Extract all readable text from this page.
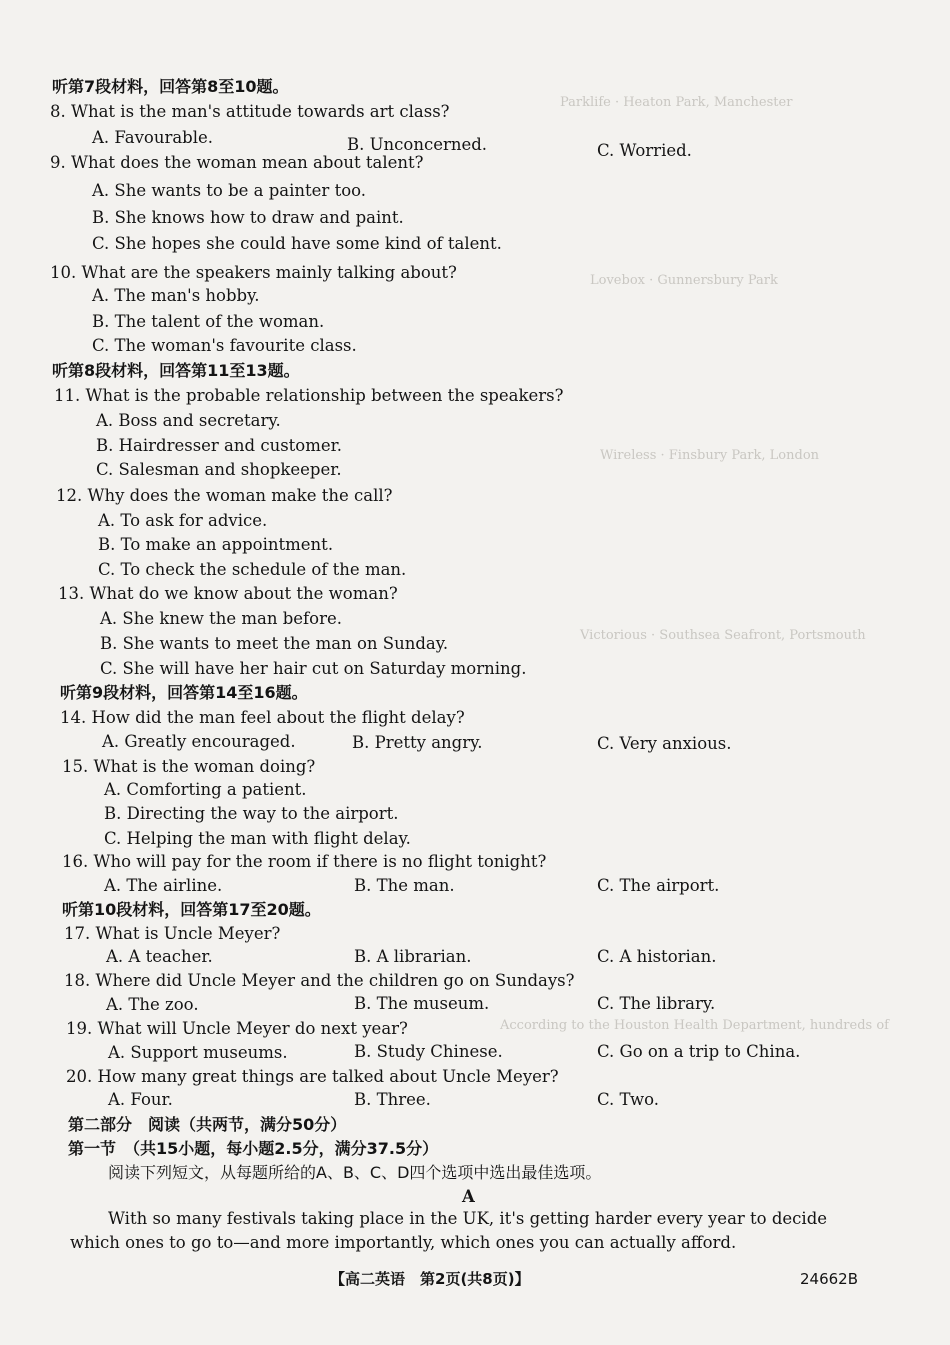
Parklife · Heaton Park, Manchester
Lovebox · Gunnersbury Park
Wireless · Finsbury Park, London
Victorious · Southsea Seafront, Portsmouth
According to the Houston Health Department, hundreds of
听第7段材料，回答第8至10题。
8. What is the man's attitude towards art class?
A. Favourable.	B. Unconcerned.	C. Worried.
9. What does the woman mean about talent?
A. She wants to be a painter too.
B. She knows how to draw and paint.
C. She hopes she could have some kind of talent.
10. What are the speakers mainly talking about?
A. The man's hobby.
B. The talent of the woman.
C. The woman's favourite class.
听第8段材料，回答第11至13题。
11. What is the probable relationship between the speakers?
A. Boss and secretary.
B. Hairdresser and customer.
C. Salesman and shopkeeper.
12. Why does the woman make the call?
A. To ask for advice.
B. To make an appointment.
C. To check the schedule of the man.
13. What do we know about the woman?
A. She knew the man before.
B. She wants to meet the man on Sunday.
C. She will have her hair cut on Saturday morning.
听第9段材料，回答第14至16题。
14. How did the man feel about the flight delay?
A. Greatly encouraged.	B. Pretty angry.	C. Very anxious.
15. What is the woman doing?
A. Comforting a patient.
B. Directing the way to the airport.
C. Helping the man with flight delay.
16. Who will pay for the room if there is no flight tonight?
A. The airline.	B. The man.	C. The airport.
听第10段材料，回答第17至20题。
17. What is Uncle Meyer?
A. A teacher.	B. A librarian.	C. A historian.
18. Where did Uncle Meyer and the children go on Sundays?
A. The zoo.	B. The museum.	C. The library.
19. What will Uncle Meyer do next year?
A. Support museums.	B. Study Chinese.	C. Go on a trip to China.
20. How many great things are talked about Uncle Meyer?
A. Four.	B. Three.	C. Two.
第二部分　阅读（共两节，满分50分）
第一节　（共15小题，每小题2.5分，满分37.5分）
阅读下列短文，从每题所给的A、B、C、D四个选项中选出最佳选项。
A
With so many festivals taking place in the UK, it's getting harder every year to decide
which ones to go to—and more importantly, which ones you can actually afford.
【高二英语　第2页(共8页)】	24662B
